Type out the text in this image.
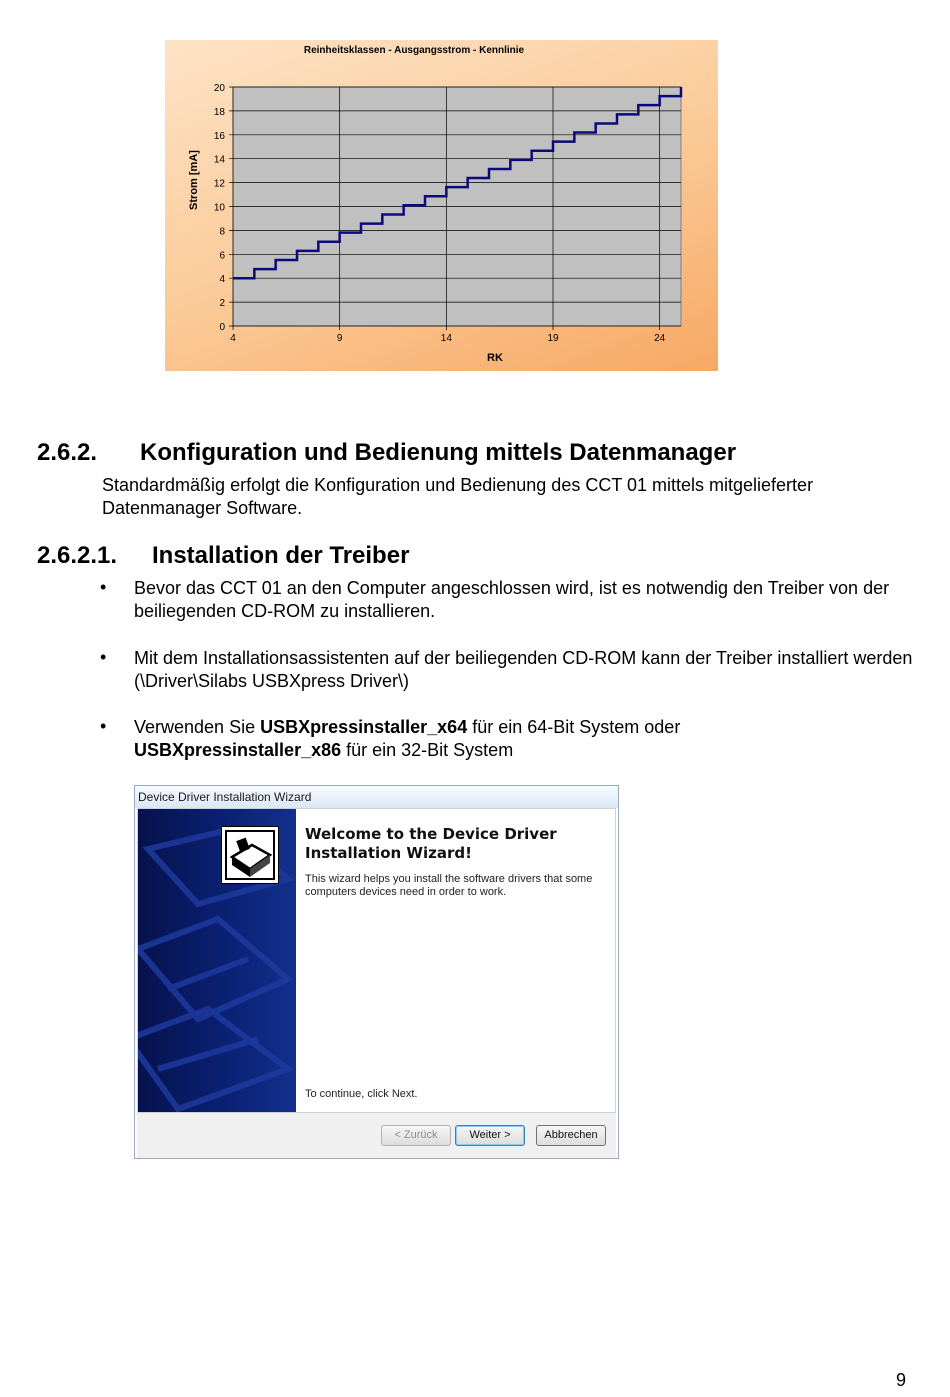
Reinheitsklassen - Ausgangsstrom - Kennlinie
0
2
4
6
8
10
12
14
16
18
20
4	9	14	19	24
RK
Strom [mA]
2.6.2. Konfiguration und Bedienung mittels Datenmanager
Standardmäßig erfolgt die Konfiguration und Bedienung des CCT 01 mittels mitgelieferter Datenmanager Software.
2.6.2.1. Installation der Treiber
• Bevor das CCT 01 an den Computer angeschlossen wird, ist es notwendig den Treiber von der beiliegenden CD-ROM zu installieren.
• Mit dem Installationsassistenten auf der beiliegenden CD-ROM kann der Treiber installiert werden (\Driver\Silabs USBXpress Driver\)
• Verwenden Sie USBXpressinstaller_x64 für ein 64-Bit System oder
USBXpressinstaller_x86 für ein 32-Bit System
Device Driver Installation Wizard
Welcome to the Device Driver Installation Wizard!
This wizard helps you install the software drivers that some computers devices need in order to work.
To continue, click Next.
< Zurück	Weiter >	Abbrechen
9
